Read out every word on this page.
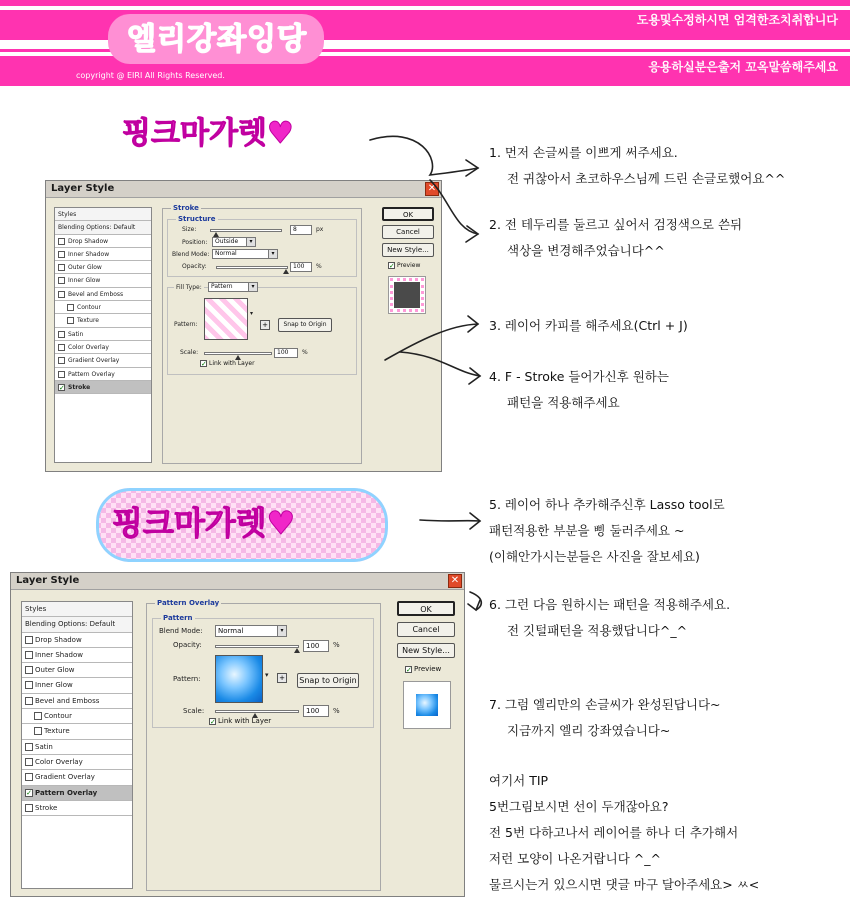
엘리강좌잉당
copyright @ EIRI All Rights Reserved.
도용및수정하시면 엄격한조치취합니다
응용하실분은출저 꼬옥말씀해주세요
핑크마가렛♥
Layer Style	✕
Styles
Blending Options: Default
Drop Shadow
Inner Shadow
Outer Glow
Inner Glow
Bevel and Emboss
Contour
Texture
Satin
Color Overlay
Gradient Overlay
Pattern Overlay
✓ Stroke
Stroke
Structure
Size:	8	px
Position:	Outside	▾
Blend Mode: Normal	▾
Opacity:	100	%
Fill Type:	Pattern	▾
Pattern:
▾
+	Snap to Origin
Scale:	100	%
✓ Link with Layer
OK
Cancel
New Style...
✓ Preview
핑크마가렛♥
Layer Style	✕
Styles
Blending Options: Default
Drop Shadow
Inner Shadow
Outer Glow
Inner Glow
Bevel and Emboss
Contour
Texture
Satin
Color Overlay
Gradient Overlay
✓ Pattern Overlay
Stroke
Pattern Overlay
Pattern
Blend Mode:	Normal	▾
Opacity:	100	%
Pattern:	▾ + Snap to Origin
Scale:	100	%
✓ Link with Layer
OK
Cancel
New Style...
✓ Preview
1. 먼저 손글씨를 이쁘게 써주세요.
전 귀찮아서 초코하우스님께 드린 손글로했어요^^
2. 전 테두리를 둘르고 싶어서 검정색으로 쓴뒤
색상을 변경해주었습니다^^
3. 레이어 카피를 해주세요(Ctrl + J)
4. F - Stroke 들어가신후 원하는
패턴을 적용해주세요
5. 레이어 하나 추카해주신후 Lasso tool로
패턴적용한 부분을 삥 둘러주세요 ~
(이해안가시는분들은 사진을 잘보세요)
6. 그런 다음 원하시는 패턴을 적용해주세요.
전 깃털패턴을 적용했답니다^_^
7. 그럼 엘리만의 손글씨가 완성된답니다~
지금까지 엘리 강좌였습니다~
여기서 TIP
5번그림보시면 선이 두개잖아요?
전 5번 다하고나서 레이어를 하나 더 추가해서
저런 모양이 나온거랍니다 ^_^
물르시는거 있으시면 댓글 마구 달아주세요> ㅆ<
